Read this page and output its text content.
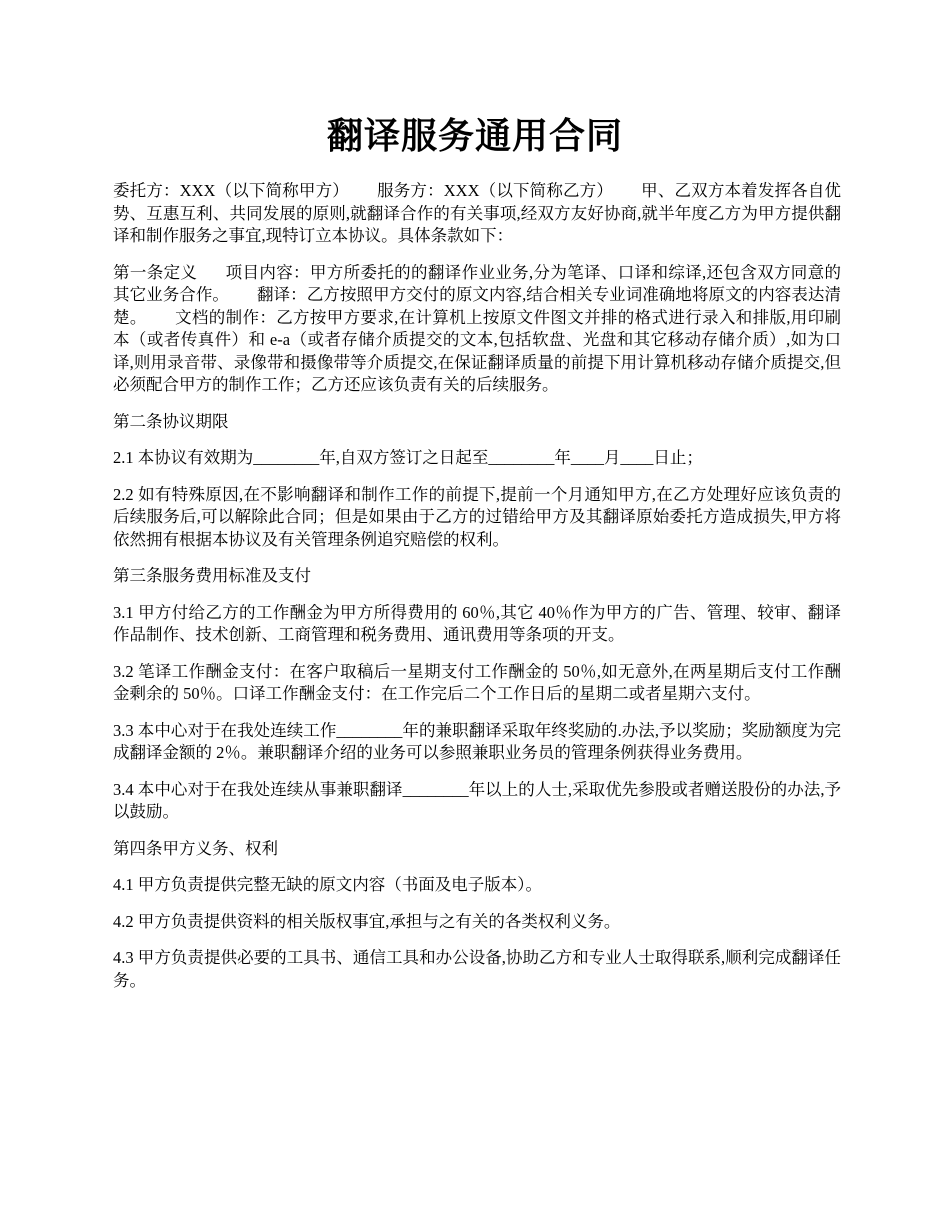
翻译服务通用合同

委托方：XXX（以下简称甲方） 服务方：XXX（以下简称乙方） 甲、乙双方本着发挥各自优势、互惠互利、共同发展的原则,就翻译合作的有关事项,经双方友好协商,就半年度乙方为甲方提供翻译和制作服务之事宜,现特订立本协议。具体条款如下：

第一条定义 项目内容：甲方所委托的的翻译作业业务,分为笔译、口译和综译,还包含双方同意的其它业务合作。 翻译：乙方按照甲方交付的原文内容,结合相关专业词准确地将原文的内容表达清楚。 文档的制作：乙方按甲方要求,在计算机上按原文件图文并排的格式进行录入和排版,用印刷本（或者传真件）和 e-a（或者存储介质提交的文本,包括软盘、光盘和其它移动存储介质）,如为口译,则用录音带、录像带和摄像带等介质提交,在保证翻译质量的前提下用计算机移动存储介质提交,但必须配合甲方的制作工作；乙方还应该负责有关的后续服务。

第二条协议期限

2.1 本协议有效期为________年,自双方签订之日起至________年____月____日止；

2.2 如有特殊原因,在不影响翻译和制作工作的前提下,提前一个月通知甲方,在乙方处理好应该负责的后续服务后,可以解除此合同；但是如果由于乙方的过错给甲方及其翻译原始委托方造成损失,甲方将依然拥有根据本协议及有关管理条例追究赔偿的权利。

第三条服务费用标准及支付

3.1 甲方付给乙方的工作酬金为甲方所得费用的 60％,其它 40％作为甲方的广告、管理、较审、翻译作品制作、技术创新、工商管理和税务费用、通讯费用等条项的开支。

3.2 笔译工作酬金支付：在客户取稿后一星期支付工作酬金的 50％,如无意外,在两星期后支付工作酬金剩余的 50％。口译工作酬金支付：在工作完后二个工作日后的星期二或者星期六支付。

3.3 本中心对于在我处连续工作________年的兼职翻译采取年终奖励的.办法,予以奖励；奖励额度为完成翻译金额的 2％。兼职翻译介绍的业务可以参照兼职业务员的管理条例获得业务费用。

3.4 本中心对于在我处连续从事兼职翻译________年以上的人士,采取优先参股或者赠送股份的办法,予以鼓励。

第四条甲方义务、权利

4.1 甲方负责提供完整无缺的原文内容（书面及电子版本）。

4.2 甲方负责提供资料的相关版权事宜,承担与之有关的各类权利义务。

4.3 甲方负责提供必要的工具书、通信工具和办公设备,协助乙方和专业人士取得联系,顺利完成翻译任务。
